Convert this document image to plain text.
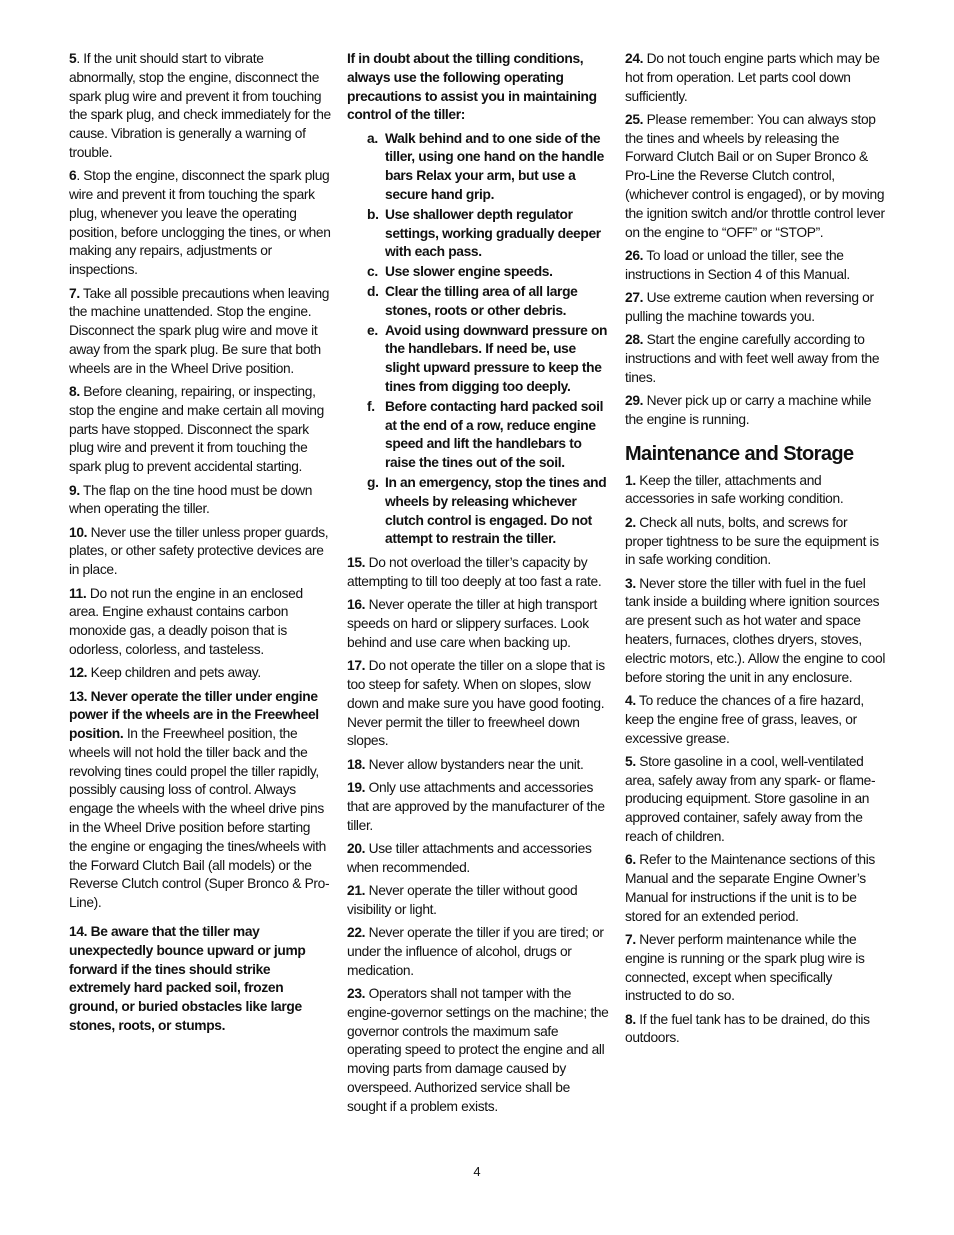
5. If the unit should start to vibrate abnormally, stop the engine, disconnect the spark plug wire and prevent it from touching the spark plug, and check immediately for the cause. Vibration is generally a warning of trouble.

6. Stop the engine, disconnect the spark plug wire and prevent it from touching the spark plug, whenever you leave the operating position, before unclogging the tines, or when making any repairs, adjustments or inspections.

7. Take all possible precautions when leaving the machine unattended. Stop the engine. Disconnect the spark plug wire and move it away from the spark plug. Be sure that both wheels are in the Wheel Drive position.

8. Before cleaning, repairing, or inspecting, stop the engine and make certain all moving parts have stopped. Disconnect the spark plug wire and prevent it from touching the spark plug to prevent accidental starting.

9. The flap on the tine hood must be down when operating the tiller.

10. Never use the tiller unless proper guards, plates, or other safety protective devices are in place.

11. Do not run the engine in an enclosed area. Engine exhaust contains carbon monoxide gas, a deadly poison that is odorless, colorless, and tasteless.

12. Keep children and pets away.

13. Never operate the tiller under engine power if the wheels are in the Freewheel position. In the Freewheel position, the wheels will not hold the tiller back and the revolving tines could propel the tiller rapidly, possibly causing loss of control. Always engage the wheels with the wheel drive pins in the Wheel Drive position before starting the engine or engaging the tines/wheels with the Forward Clutch Bail (all models) or the Reverse Clutch control (Super Bronco & Pro-Line).

14. Be aware that the tiller may unexpectedly bounce upward or jump forward if the tines should strike extremely hard packed soil, frozen ground, or buried obstacles like large stones, roots, or stumps.

If in doubt about the tilling conditions, always use the following operating precautions to assist you in maintaining control of the tiller:

a. Walk behind and to one side of the tiller, using one hand on the handle bars Relax your arm, but use a secure hand grip.
b. Use shallower depth regulator settings, working gradually deeper with each pass.
c. Use slower engine speeds.
d. Clear the tilling area of all large stones, roots or other debris.
e. Avoid using downward pressure on the handlebars. If need be, use slight upward pressure to keep the tines from digging too deeply.
f. Before contacting hard packed soil at the end of a row, reduce engine speed and lift the handlebars to raise the tines out of the soil.
g. In an emergency, stop the tines and wheels by releasing whichever clutch control is engaged. Do not attempt to restrain the tiller.

15. Do not overload the tiller’s capacity by attempting to till too deeply at too fast a rate.

16. Never operate the tiller at high transport speeds on hard or slippery surfaces. Look behind and use care when backing up.

17. Do not operate the tiller on a slope that is too steep for safety. When on slopes, slow down and make sure you have good footing. Never permit the tiller to freewheel down slopes.

18. Never allow bystanders near the unit.

19. Only use attachments and accessories that are approved by the manufacturer of the tiller.

20. Use tiller attachments and accessories when recommended.

21. Never operate the tiller without good visibility or light.

22. Never operate the tiller if you are tired; or under the influence of alcohol, drugs or medication.

23. Operators shall not tamper with the engine-governor settings on the machine; the governor controls the maximum safe operating speed to protect the engine and all moving parts from damage caused by overspeed. Authorized service shall be sought if a problem exists.

24. Do not touch engine parts which may be hot from operation. Let parts cool down sufficiently.

25. Please remember: You can always stop the tines and wheels by releasing the Forward Clutch Bail or on Super Bronco & Pro-Line the Reverse Clutch control, (whichever control is engaged), or by moving the ignition switch and/or throttle control lever on the engine to “OFF” or “STOP”.

26. To load or unload the tiller, see the instructions in Section 4 of this Manual.

27. Use extreme caution when reversing or pulling the machine towards you.

28. Start the engine carefully according to instructions and with feet well away from the tines.

29. Never pick up or carry a machine while the engine is running.

Maintenance and Storage

1. Keep the tiller, attachments and accessories in safe working condition.

2. Check all nuts, bolts, and screws for proper tightness to be sure the equipment is in safe working condition.

3. Never store the tiller with fuel in the fuel tank inside a building where ignition sources are present such as hot water and space heaters, furnaces, clothes dryers, stoves, electric motors, etc.). Allow the engine to cool before storing the unit in any enclosure.

4. To reduce the chances of a fire hazard, keep the engine free of grass, leaves, or excessive grease.

5. Store gasoline in a cool, well-ventilated area, safely away from any spark- or flame-producing equipment. Store gasoline in an approved container, safely away from the reach of children.

6. Refer to the Maintenance sections of this Manual and the separate Engine Owner’s Manual for instructions if the unit is to be stored for an extended period.

7. Never perform maintenance while the engine is running or the spark plug wire is connected, except when specifically instructed to do so.

8. If the fuel tank has to be drained, do this outdoors.

4
